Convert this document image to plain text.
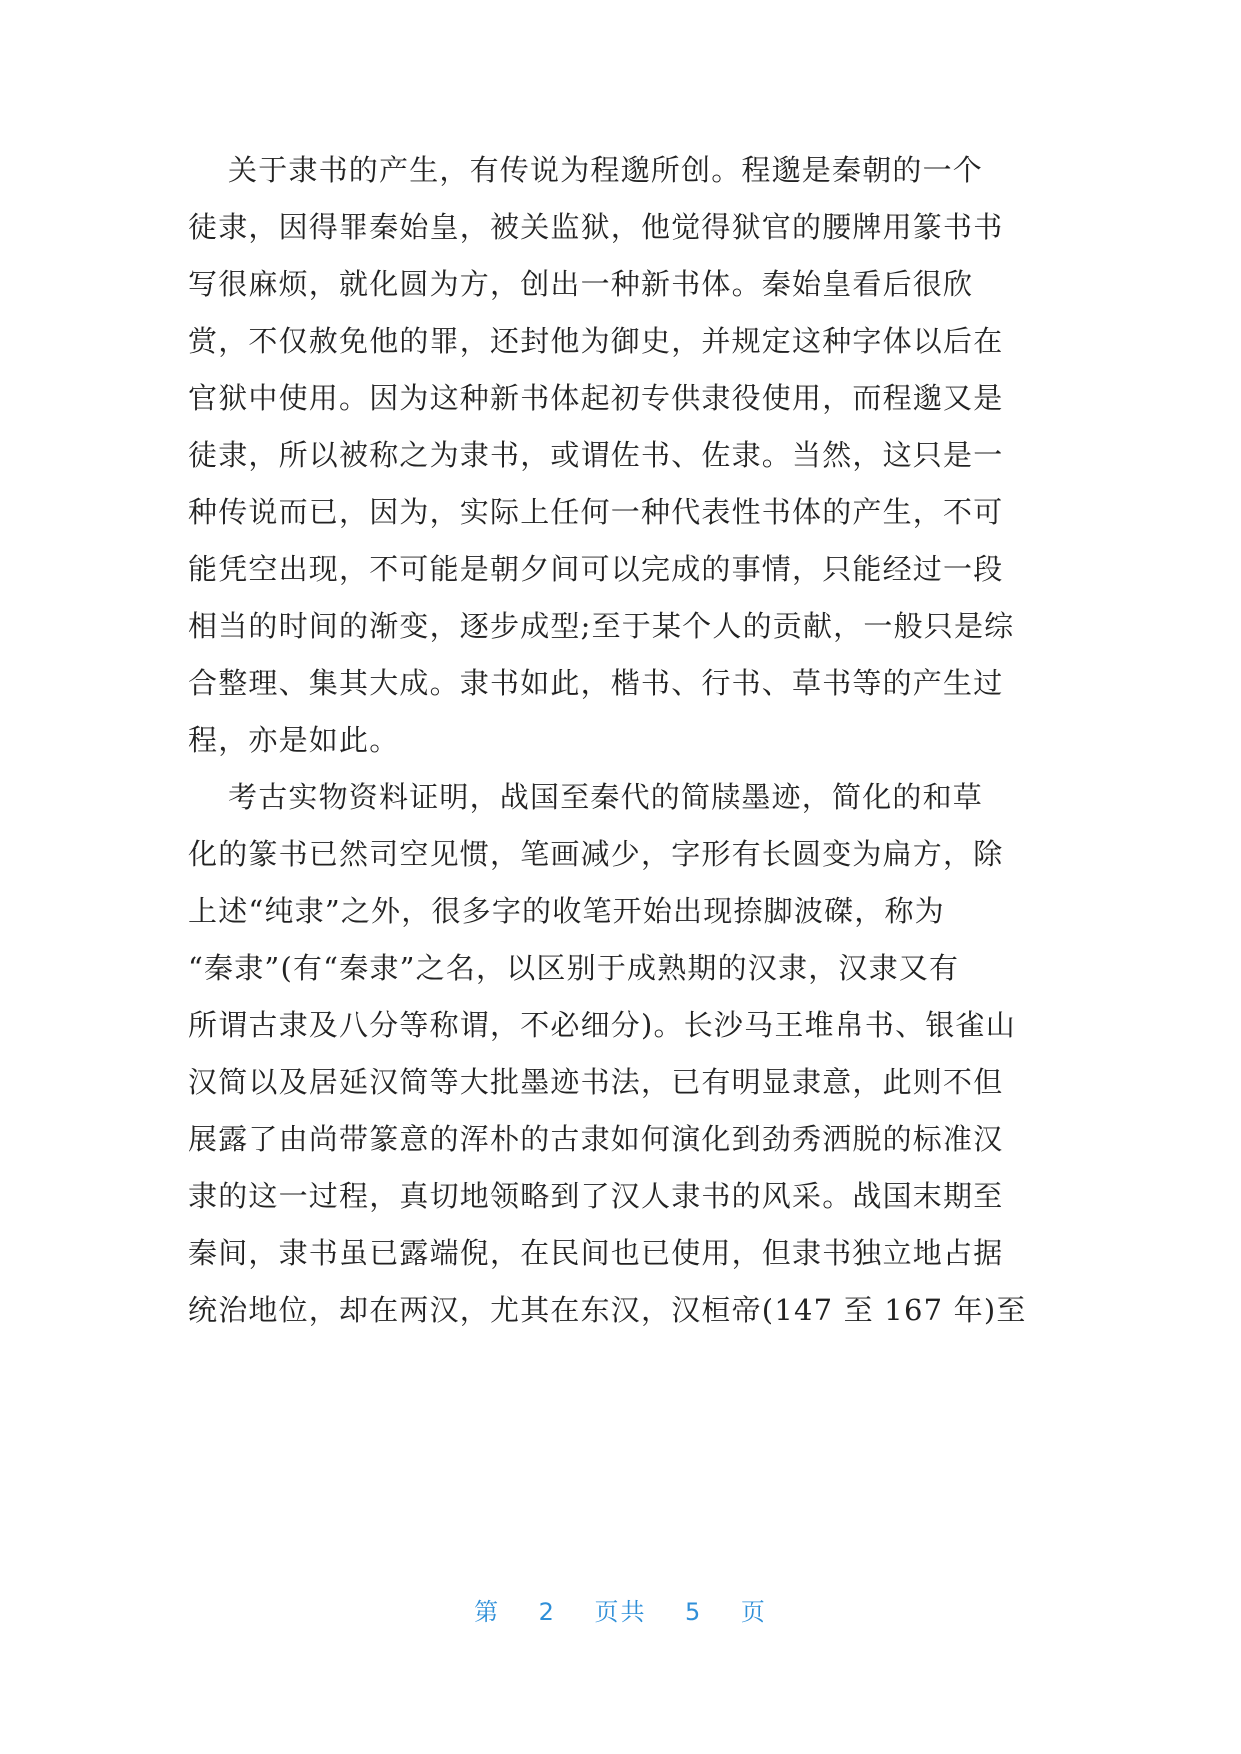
关于隶书的产生，有传说为程邈所创。程邈是秦朝的一个
徒隶，因得罪秦始皇，被关监狱，他觉得狱官的腰牌用篆书书
写很麻烦，就化圆为方，创出一种新书体。秦始皇看后很欣
赏，不仅赦免他的罪，还封他为御史，并规定这种字体以后在
官狱中使用。因为这种新书体起初专供隶役使用，而程邈又是
徒隶，所以被称之为隶书，或谓佐书、佐隶。当然，这只是一
种传说而已，因为，实际上任何一种代表性书体的产生，不可
能凭空出现，不可能是朝夕间可以完成的事情，只能经过一段
相当的时间的渐变，逐步成型;至于某个人的贡献，一般只是综
合整理、集其大成。隶书如此，楷书、行书、草书等的产生过
程，亦是如此。
考古实物资料证明，战国至秦代的简牍墨迹，简化的和草
化的篆书已然司空见惯，笔画减少，字形有长圆变为扁方，除
上述“纯隶”之外，很多字的收笔开始出现捺脚波磔，称为
“秦隶”(有“秦隶”之名，以区别于成熟期的汉隶，汉隶又有
所谓古隶及八分等称谓，不必细分)。长沙马王堆帛书、银雀山
汉简以及居延汉简等大批墨迹书法，已有明显隶意，此则不但
展露了由尚带篆意的浑朴的古隶如何演化到劲秀洒脱的标准汉
隶的这一过程，真切地领略到了汉人隶书的风采。战国末期至
秦间，隶书虽已露端倪，在民间也已使用，但隶书独立地占据
统治地位，却在两汉，尤其在东汉，汉桓帝(147 至 167 年)至
第 2 页共 5 页
